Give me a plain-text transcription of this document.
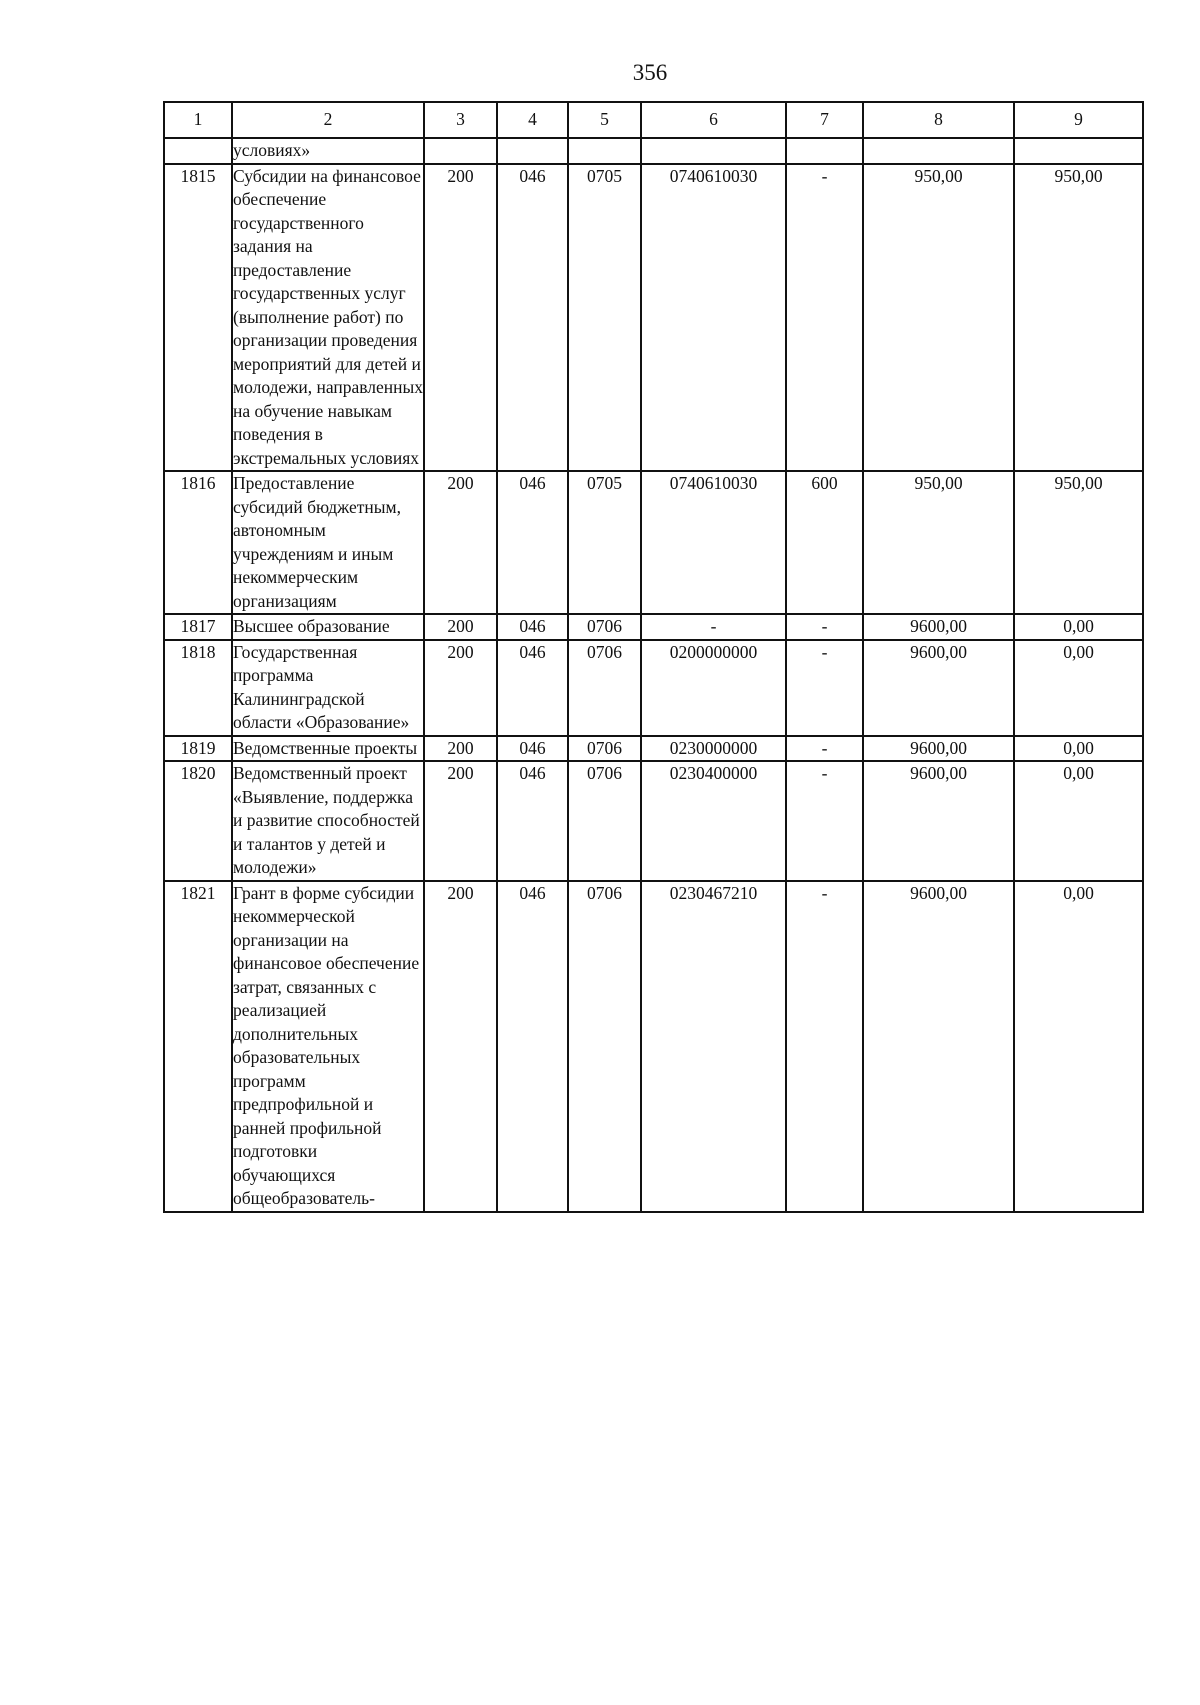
356
1	2	3	4	5	6	7	8	9
	условиях»							
1815	Субсидии на финансовое обеспечение государственного задания на предоставление государственных услуг (выполнение работ) по организации проведения мероприятий для детей и молодежи, направленных на обучение навыкам поведения в экстремальных условиях	200	046	0705	0740610030	-	950,00	950,00
1816	Предоставление субсидий бюджетным, автономным учреждениям и иным некоммерческим организациям	200	046	0705	0740610030	600	950,00	950,00
1817	Высшее образование	200	046	0706	-	-	9600,00	0,00
1818	Государственная программа Калининградской области «Образование»	200	046	0706	0200000000	-	9600,00	0,00
1819	Ведомственные проекты	200	046	0706	0230000000	-	9600,00	0,00
1820	Ведомственный проект «Выявление, поддержка и развитие способностей и талантов у детей и молодежи»	200	046	0706	0230400000	-	9600,00	0,00
1821	Грант в форме субсидии некоммерческой организации на финансовое обеспечение затрат, связанных с реализацией дополнительных образовательных программ предпрофильной и ранней профильной подготовки обучающихся общеобразователь-	200	046	0706	0230467210	-	9600,00	0,00
